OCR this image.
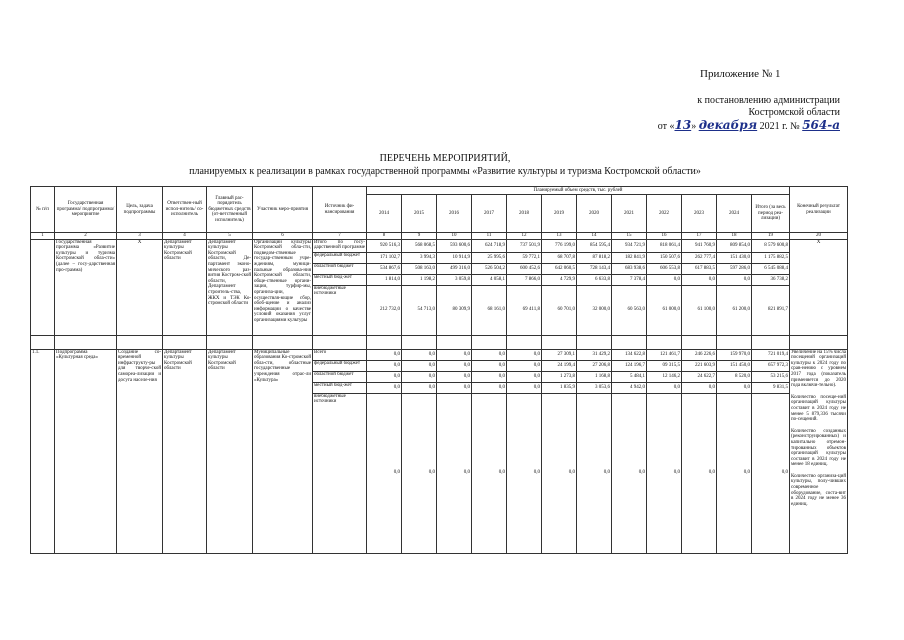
Приложение № 1
к постановлению администрации
Костромской области
от «13» декабря 2021 г. № 564-а
ПЕРЕЧЕНЬ МЕРОПРИЯТИЙ,
планируемых к реализации в рамках государственной программы «Развитие культуры и туризма Костромской области»
№ п/п	Государственная программа/ подпрограмма/ мероприятие	Цель, задача подпрограммы	Ответствен-ный испол-нитель/ со-исполнитель	Главный рас-порядитель бюджетных средств (от-ветственный исполнитель)	Участник меро-приятия	Источник фи-нансирования	Планируемый объем средств, тыс. рублей												Конечный результат реализации
							2014	2015	2016	2017	2018	2019	2020	2021	2022	2023	2024	Итого (за весь период реа-лизации)	
1	2	3	4	5	6	7	8	9	10	11	12	13	14	15	16	17	18	19	20
	Государственная программа «Развитие культуры и туризма Костромской обла-сти» (далее – госу-дарственная про-грамма)	X	Департамент культуры Костромской области	Департамент культуры Костромской области, Де-партамент эконо-мического раз-вития Костром-ской области, Департамент строитель-ства, ЖКХ и ТЭК Ко-стромской области	Организации культуры Костромской обла-сти, подведом-ственные государ-ственным учре-ждениям, муници-пальные образова-ния Костромской области, обще-ственные органи-зации, турфир-мы, организа-ции, осуществля-ющие сбор, обоб-щение и анализ информации о качестве условий оказания услуг организациями культуры	Итого по госу-дарственной программе	920 516,3	568 068,5	593 600,6	624 718,9	737 501,9	776 199,0	854 595,4	934 721,9	818 061,4	941 760,9	809 854,0	8 579 600,8	X
						федеральный бюджет	171 102,7	3 994,3	10 914,9	25 995,6	59 772,1	68 707,8	87 818,2	182 841,9	150 507,6	262 777,4	151 430,0	1 175 882,5	
						областной бюджет	534 867,6	508 163,0	499 316,0	526 504,2	600 452,6	642 060,5	728 143,4	683 938,6	606 553,8	617 883,5	597 286,0	6 545 088,4	
						местный бюд-жет	1 814,0	1 198,2	3 059,8	4 058,1	7 866,0	4 729,9	6 633,8	7 378,4	0,0	0,0	0,0	36 738,2	
						внебюджетные источники	212 732,0	54 713,0	80 309,9	68 161,0	69 411,8	60 701,0	32 000,0	60 563,0	61 000,0	61 100,0	61 200,0	821 891,7	

1.1.	Подпрограмма «Культурная среда»	Создание со-временной инфраструкту-ры для творче-ской самореа-лизации и досуга населе-ния	Департамент культуры Костромской области	Департамент культуры Костромской области	Муниципальные образования Ко-стромской обла-сти, областные государственные учреждения отрас-ли «Культура»	Всего	0,0	0,0	0,0	0,0	0,0	27 309,1	31 429,2	134 622,8	121 461,7	246 226,6	159 970,0	721 019,4	Увеличение на 15% числа посещений организаций культуры к 2024 году по срав-нению с уровнем 2017 года (показатель применяется до 2020 года включи-тельно).
Количество посеще-ний организаций культуры составит в 2024 году не менее 5 879,336 тысячи по-сещений.
Количество созданных (реконструированных) и капитально отремон-тированных объектов организаций культуры составит в 2024 году не менее 18 единиц.
Количество организа-ций культуры, полу-чивших современное оборудование, соста-вит в 2024 году не менее 36 единиц.

						федеральный бюджет	0,0	0,0	0,0	0,0	0,0	24 199,4	27 206,8	124 196,7	09 315,5	221 603,9	151 450,0	657 972,3	
						областной бюджет	0,0	0,0	0,0	0,0	0,0	1 273,8	1 168,8	5 484,1	12 146,2	24 622,7	8 520,0	53 215,6	
						местный бюд-жет	0,0	0,0	0,0	0,0	0,0	1 835,9	3 053,6	4 942,0	0,0	0,0	0,0	9 831,5	
						внебюджетные источники	0,0	0,0	0,0	0,0	0,0	0,0	0,0	0,0	0,0	0,0	0,0	0,0	
